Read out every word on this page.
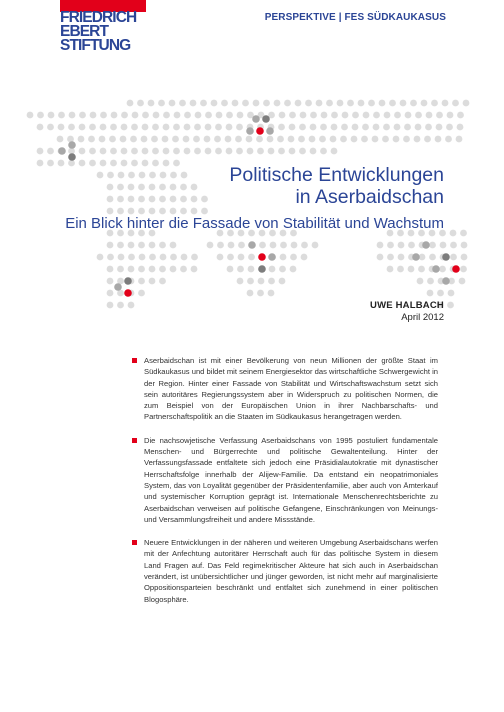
FRIEDRICH
EBERT
STIFTUNG
PERSPEKTIVE | FES SÜDKAUKASUS
Politische Entwicklungen
in Aserbaidschan
Ein Blick hinter die Fassade von Stabilität und Wachstum
UWE HALBACH
April 2012
Aserbaidschan ist mit einer Bevölkerung von neun Millionen der größte Staat im Südkaukasus und bildet mit seinem Energiesektor das wirtschaftliche Schwergewicht in der Region. Hinter einer Fassade von Stabilität und Wirtschaftswachstum setzt sich sein autoritäres Regierungssystem aber in Widerspruch zu politischen Normen, die zum Beispiel von der Europäischen Union in ihrer Nachbarschafts- und Partnerschaftspolitik an die Staaten im Südkaukasus herangetragen werden.
Die nachsowjetische Verfassung Aserbaidschans von 1995 postuliert fundamentale Menschen- und Bürgerrechte und politische Gewaltenteilung. Hinter der Verfassungsfassade entfaltete sich jedoch eine Präsidialautokratie mit dynastischer Herrschaftsfolge innerhalb der Alijew-Familie. Da entstand ein neopatrimoniales System, das von Loyalität gegenüber der Präsidentenfamilie, aber auch von Ämterkauf und systemischer Korruption geprägt ist. Internationale Menschenrechtsberichte zu Aserbaidschan verweisen auf politische Gefangene, Einschränkungen von Meinungs- und Versammlungsfreiheit und andere Missstände.
Neuere Entwicklungen in der näheren und weiteren Umgebung Aserbaidschans werfen mit der Anfechtung autoritärer Herrschaft auch für das politische System in diesem Land Fragen auf. Das Feld regimekritischer Akteure hat sich auch in Aserbaidschan verändert, ist unübersichtlicher und jünger geworden, ist nicht mehr auf marginalisierte Oppositionsparteien beschränkt und entfaltet sich zunehmend in einer politischen Blogosphäre.
